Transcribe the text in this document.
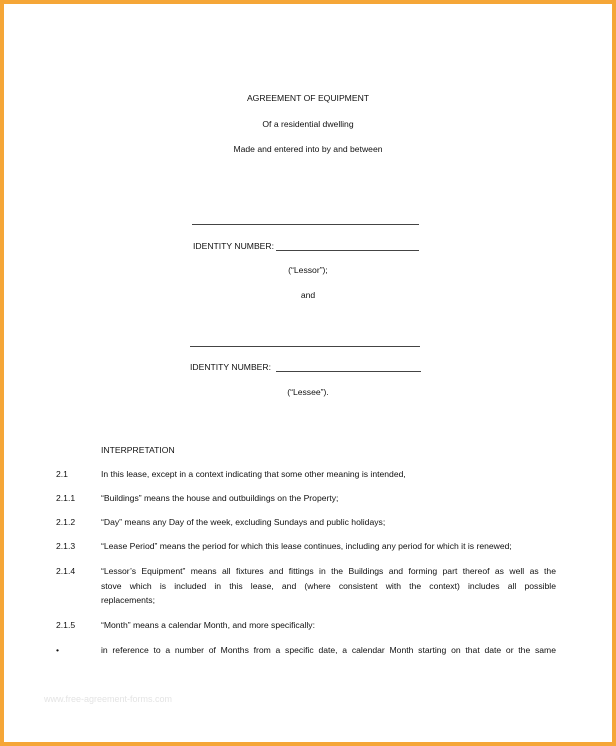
AGREEMENT OF EQUIPMENT
Of a residential dwelling
Made and entered into by and between
IDENTITY NUMBER:
(“Lessor”);
and
IDENTITY NUMBER:
(“Lessee”).
INTERPRETATION
2.1	In this lease, except in a context indicating that some other meaning is intended,
2.1.1	“Buildings” means the house and outbuildings on the Property;
2.1.2	“Day” means any Day of the week, excluding Sundays and public holidays;
2.1.3	“Lease Period” means the period for which this lease continues, including any period for which it is renewed;
2.1.4	“Lessor’s Equipment” means all fixtures and fittings in the Buildings and forming part thereof as well as the
stove which is included in this lease, and (where consistent with the context) includes all possible
replacements;
2.1.5	“Month” means a calendar Month, and more specifically:
•	in reference to a number of Months from a specific date, a calendar Month starting on that date or the same
www.free-agreement-forms.com
